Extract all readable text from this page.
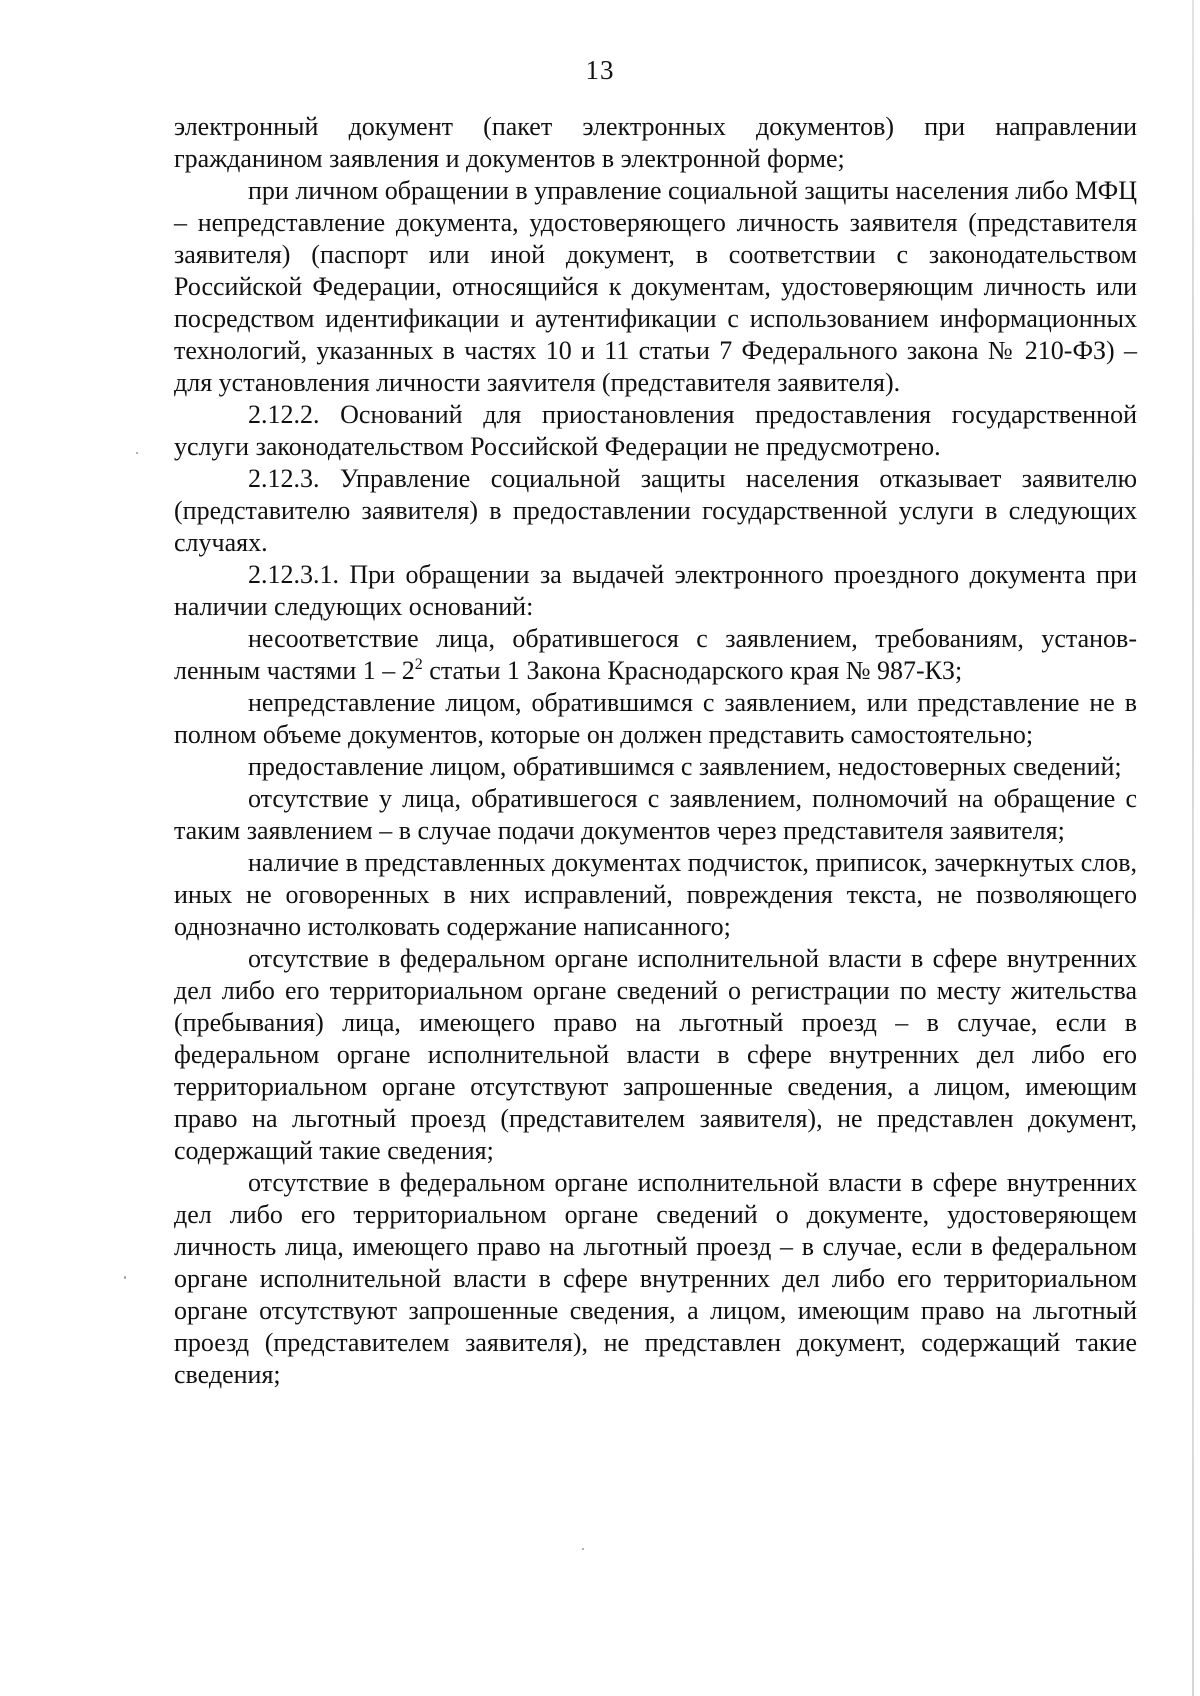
13

электронный документ (пакет электронных документов) при направлении гражданином заявления и документов в электронной форме;

при личном обращении в управление социальной защиты населения либо МФЦ – непредставление документа, удостоверяющего личность заявителя (представителя заявителя) (паспорт или иной документ, в соответствии с законодательством Российской Федерации, относящийся к документам, удостоверяющим личность или посредством идентификации и аутентификации с использованием информационных технологий, указанных в частях 10 и 11 статьи 7 Федерального закона № 210-ФЗ) – для установления личности заяvителя (представителя заявителя).

2.12.2. Оснований для приостановления предоставления государственной услуги законодательством Российской Федерации не предусмотрено.

2.12.3. Управление социальной защиты населения отказывает заявителю (представителю заявителя) в предоставлении государственной услуги в следующих случаях.

2.12.3.1. При обращении за выдачей электронного проездного документа при наличии следующих оснований:

несоответствие лица, обратившегося с заявлением, требованиям, установленным частями $1 - 2^2$ статьи 1 Закона Краснодарского края № 987-КЗ;

непредставление лицом, обратившимся с заявлением, или представление не в полном объеме документов, которые он должен представить самостоятельно;

предоставление лицом, обратившимся с заявлением, недостоверных сведений;

отсутствие у лица, обратившегося с заявлением, полномочий на обращение с таким заявлением – в случае подачи документов через представителя заявителя;

наличие в представленных документах подчисток, приписок, зачеркнутых слов, иных не оговоренных в них исправлений, повреждения текста, не позволяющего однозначно истолковать содержание написанного;

отсутствие в федеральном органе исполнительной власти в сфере внутренних дел либо его территориальном органе сведений о регистрации по месту жительства (пребывания) лица, имеющего право на льготный проезд – в случае, если в федеральном органе исполнительной власти в сфере внутренних дел либо его территориальном органе отсутствуют запрошенные сведения, а лицом, имеющим право на льготный проезд (представителем заявителя), не представлен документ, содержащий такие сведения;

отсутствие в федеральном органе исполнительной власти в сфере внутренних дел либо его территориальном органе сведений о документе, удостоверяющем личность лица, имеющего право на льготный проезд – в случае, если в федеральном органе исполнительной власти в сфере внутренних дел либо его территориальном органе отсутствуют запрошенные сведения, а лицом, имеющим право на льготный проезд (представителем заявителя), не представлен документ, содержащий такие сведения;
